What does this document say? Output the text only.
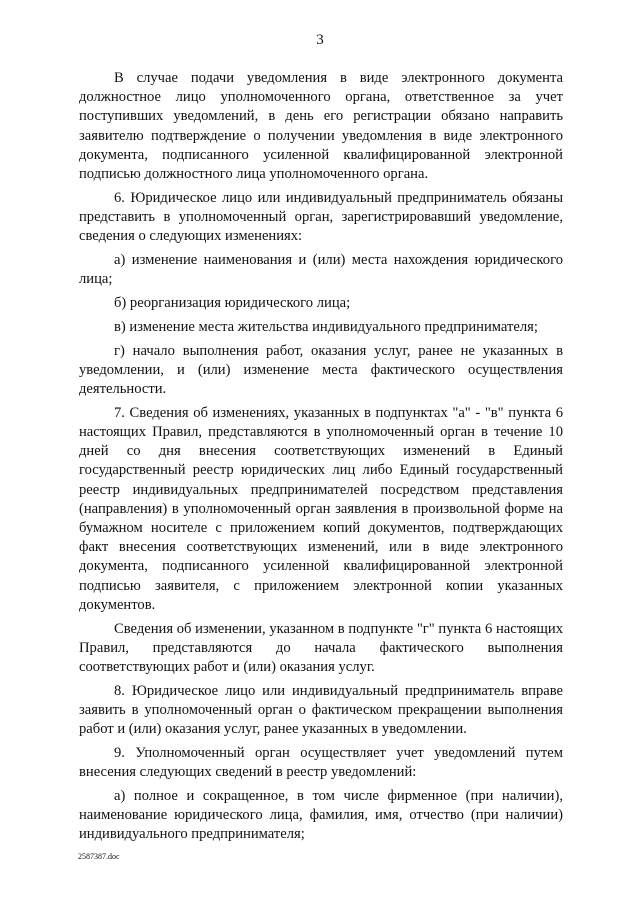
3

В случае подачи уведомления в виде электронного документа должностное лицо уполномоченного органа, ответственное за учет поступивших уведомлений, в день его регистрации обязано направить заявителю подтверждение о получении уведомления в виде электронного документа, подписанного усиленной квалифицированной электронной подписью должностного лица уполномоченного органа.

6. Юридическое лицо или индивидуальный предприниматель обязаны представить в уполномоченный орган, зарегистрировавший уведомление, сведения о следующих изменениях:

а) изменение наименования и (или) места нахождения юридического лица;

б) реорганизация юридического лица;

в) изменение места жительства индивидуального предпринимателя;

г) начало выполнения работ, оказания услуг, ранее не указанных в уведомлении, и (или) изменение места фактического осуществления деятельности.

7. Сведения об изменениях, указанных в подпунктах "а" - "в" пункта 6 настоящих Правил, представляются в уполномоченный орган в течение 10 дней со дня внесения соответствующих изменений в Единый государственный реестр юридических лиц либо Единый государственный реестр индивидуальных предпринимателей посредством представления (направления) в уполномоченный орган заявления в произвольной форме на бумажном носителе с приложением копий документов, подтверждающих факт внесения соответствующих изменений, или в виде электронного документа, подписанного усиленной квалифицированной электронной подписью заявителя, с приложением электронной копии указанных документов.

Сведения об изменении, указанном в подпункте "г" пункта 6 настоящих Правил, представляются до начала фактического выполнения соответствующих работ и (или) оказания услуг.

8. Юридическое лицо или индивидуальный предприниматель вправе заявить в уполномоченный орган о фактическом прекращении выполнения работ и (или) оказания услуг, ранее указанных в уведомлении.

9. Уполномоченный орган осуществляет учет уведомлений путем внесения следующих сведений в реестр уведомлений:

а) полное и сокращенное, в том числе фирменное (при наличии), наименование юридического лица, фамилия, имя, отчество (при наличии) индивидуального предпринимателя;

2587387.doc
